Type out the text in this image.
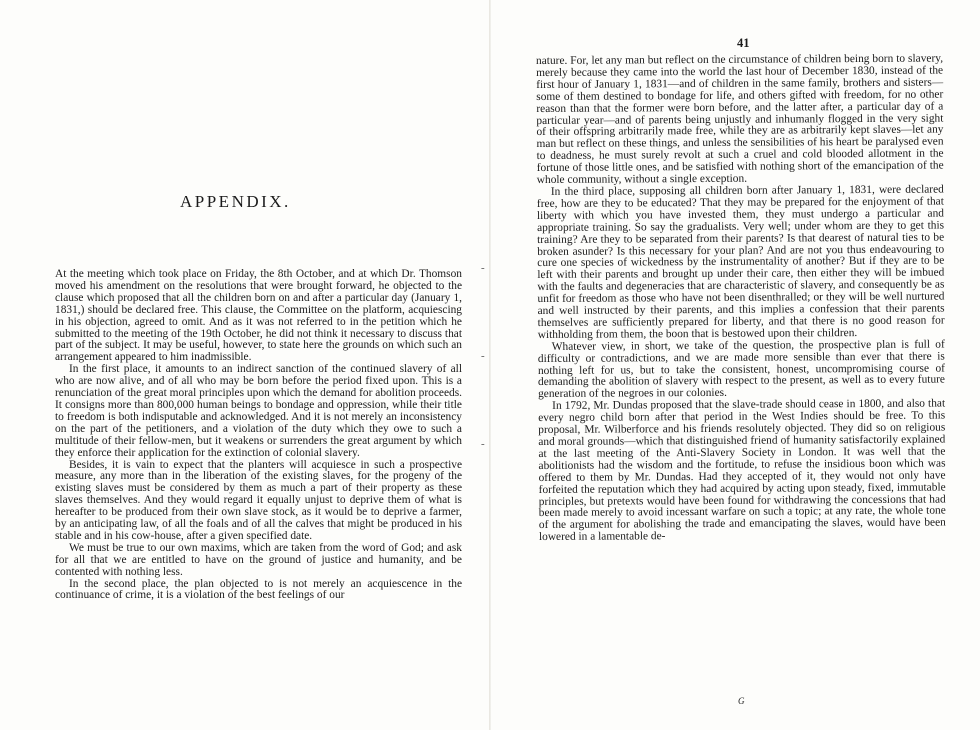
APPENDIX.

At the meeting which took place on Friday, the 8th October, and at which Dr. Thomson moved his amendment on the resolutions that were brought forward, he objected to the clause which proposed that all the children born on and after a particular day (January 1, 1831,) should be declared free. This clause, the Committee on the platform, acquiescing in his objection, agreed to omit. And as it was not referred to in the petition which he submitted to the meeting of the 19th October, he did not think it necessary to discuss that part of the subject. It may be useful, however, to state here the grounds on which such an arrangement appeared to him inadmissible.

In the first place, it amounts to an indirect sanction of the continued slavery of all who are now alive, and of all who may be born before the period fixed upon. This is a renunciation of the great moral principles upon which the demand for abolition proceeds. It consigns more than 800,000 human beings to bondage and oppression, while their title to freedom is both indisputable and acknowledged. And it is not merely an inconsistency on the part of the petitioners, and a violation of the duty which they owe to such a multitude of their fellow-men, but it weakens or surrenders the great argument by which they enforce their application for the extinction of colonial slavery.

Besides, it is vain to expect that the planters will acquiesce in such a prospective measure, any more than in the liberation of the existing slaves, for the progeny of the existing slaves must be considered by them as much a part of their property as these slaves themselves. And they would regard it equally unjust to deprive them of what is hereafter to be produced from their own slave stock, as it would be to deprive a farmer, by an anticipating law, of all the foals and of all the calves that might be produced in his stable and in his cow-house, after a given specified date.

We must be true to our own maxims, which are taken from the word of God; and ask for all that we are entitled to have on the ground of justice and humanity, and be contented with nothing less.

In the second place, the plan objected to is not merely an acquiescence in the continuance of crime, it is a violation of the best feelings of our

-
-
-
41

nature. For, let any man but reflect on the circumstance of children being born to slavery, merely because they came into the world the last hour of December 1830, instead of the first hour of January 1, 1831—and of children in the same family, brothers and sisters—some of them destined to bondage for life, and others gifted with freedom, for no other reason than that the former were born before, and the latter after, a particular day of a particular year—and of parents being unjustly and inhumanly flogged in the very sight of their offspring arbitrarily made free, while they are as arbitrarily kept slaves—let any man but reflect on these things, and unless the sensibilities of his heart be paralysed even to deadness, he must surely revolt at such a cruel and cold blooded allotment in the fortune of those little ones, and be satisfied with nothing short of the emancipation of the whole community, without a single exception.

In the third place, supposing all children born after January 1, 1831, were declared free, how are they to be educated? That they may be prepared for the enjoyment of that liberty with which you have invested them, they must undergo a particular and appropriate training. So say the gradualists. Very well; under whom are they to get this training? Are they to be separated from their parents? Is that dearest of natural ties to be broken asunder? Is this necessary for your plan? And are not you thus endeavouring to cure one species of wickedness by the instrumentality of another? But if they are to be left with their parents and brought up under their care, then either they will be imbued with the faults and degeneracies that are characteristic of slavery, and consequently be as unfit for freedom as those who have not been disenthralled; or they will be well nurtured and well instructed by their parents, and this implies a confession that their parents themselves are sufficiently prepared for liberty, and that there is no good reason for withholding from them, the boon that is bestowed upon their children.

Whatever view, in short, we take of the question, the prospective plan is full of difficulty or contradictions, and we are made more sensible than ever that there is nothing left for us, but to take the consistent, honest, uncompromising course of demanding the abolition of slavery with respect to the present, as well as to every future generation of the negroes in our colonies.

In 1792, Mr. Dundas proposed that the slave-trade should cease in 1800, and also that every negro child born after that period in the West Indies should be free. To this proposal, Mr. Wilberforce and his friends resolutely objected. They did so on religious and moral grounds—which that distinguished friend of humanity satisfactorily explained at the last meeting of the Anti-Slavery Society in London. It was well that the abolitionists had the wisdom and the fortitude, to refuse the insidious boon which was offered to them by Mr. Dundas. Had they accepted of it, they would not only have forfeited the reputation which they had acquired by acting upon steady, fixed, immutable principles, but pretexts would have been found for withdrawing the concessions that had been made merely to avoid incessant warfare on such a topic; at any rate, the whole tone of the argument for abolishing the trade and emancipating the slaves, would have been lowered in a lamentable de-

G
